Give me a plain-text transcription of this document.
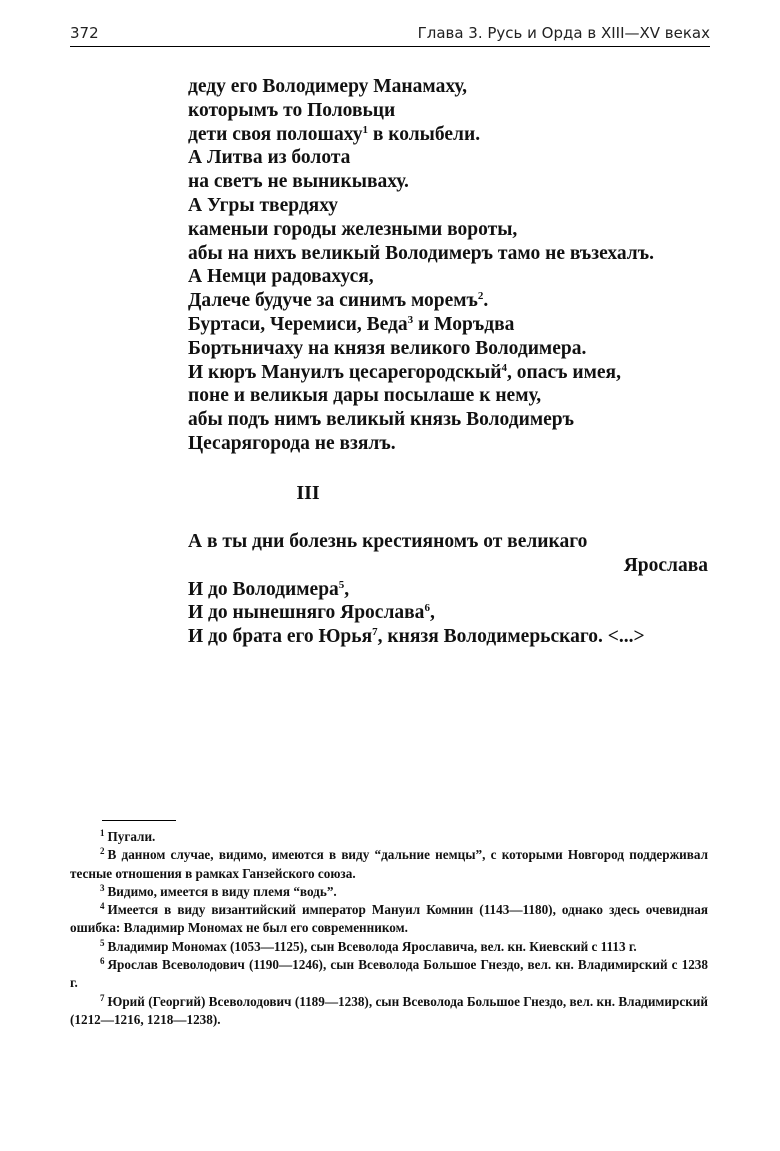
372	Глава 3. Русь и Орда в XIII—XV веках
деду его Володимеру Манамаху,
которымъ то Половьци
дети своя полошаху$^1$ в колыбели.
А Литва из болота
на светъ не выникываху.
А Угры твердяху
каменыи городы железными вороты,
абы на нихъ великый Володимеръ тамо не възехалъ.
А Немци радовахуся,
Далече будуче за синимъ моремъ$^2$.
Буртаси, Черемиси, Веда$^3$ и Моръдва
Бортьничаху на князя великого Володимера.
И кюръ Мануилъ цесарегородскый$^4$, опасъ имея,
поне и великыя дары посылаше к нему,
абы подъ нимъ великый князь Володимеръ
Цесарягорода не взялъ.
III
А в ты дни болезнь крестияномъ от великаго
Ярослава
И до Володимера$^5$,
И до нынешняго Ярослава$^6$,
И до брата его Юрья$^7$, князя Володимерьскаго. <...>
$^1$ Пугали.
$^2$ В данном случае, видимо, имеются в виду “дальние немцы”, с которыми Новгород поддерживал тесные отношения в рамках Ганзейского союза.
$^3$ Видимо, имеется в виду племя “водь”.
$^4$ Имеется в виду византийский император Мануил Комнин (1143—1180), однако здесь очевидная ошибка: Владимир Мономах не был его современником.
$^5$ Владимир Мономах (1053—1125), сын Всеволода Ярославича, вел. кн. Киевский с 1113 г.
$^6$ Ярослав Всеволодович (1190—1246), сын Всеволода Большое Гнездо, вел. кн. Владимирский с 1238 г.
$^7$ Юрий (Георгий) Всеволодович (1189—1238), сын Всеволода Большое Гнездо, вел. кн. Владимирский (1212—1216, 1218—1238).
